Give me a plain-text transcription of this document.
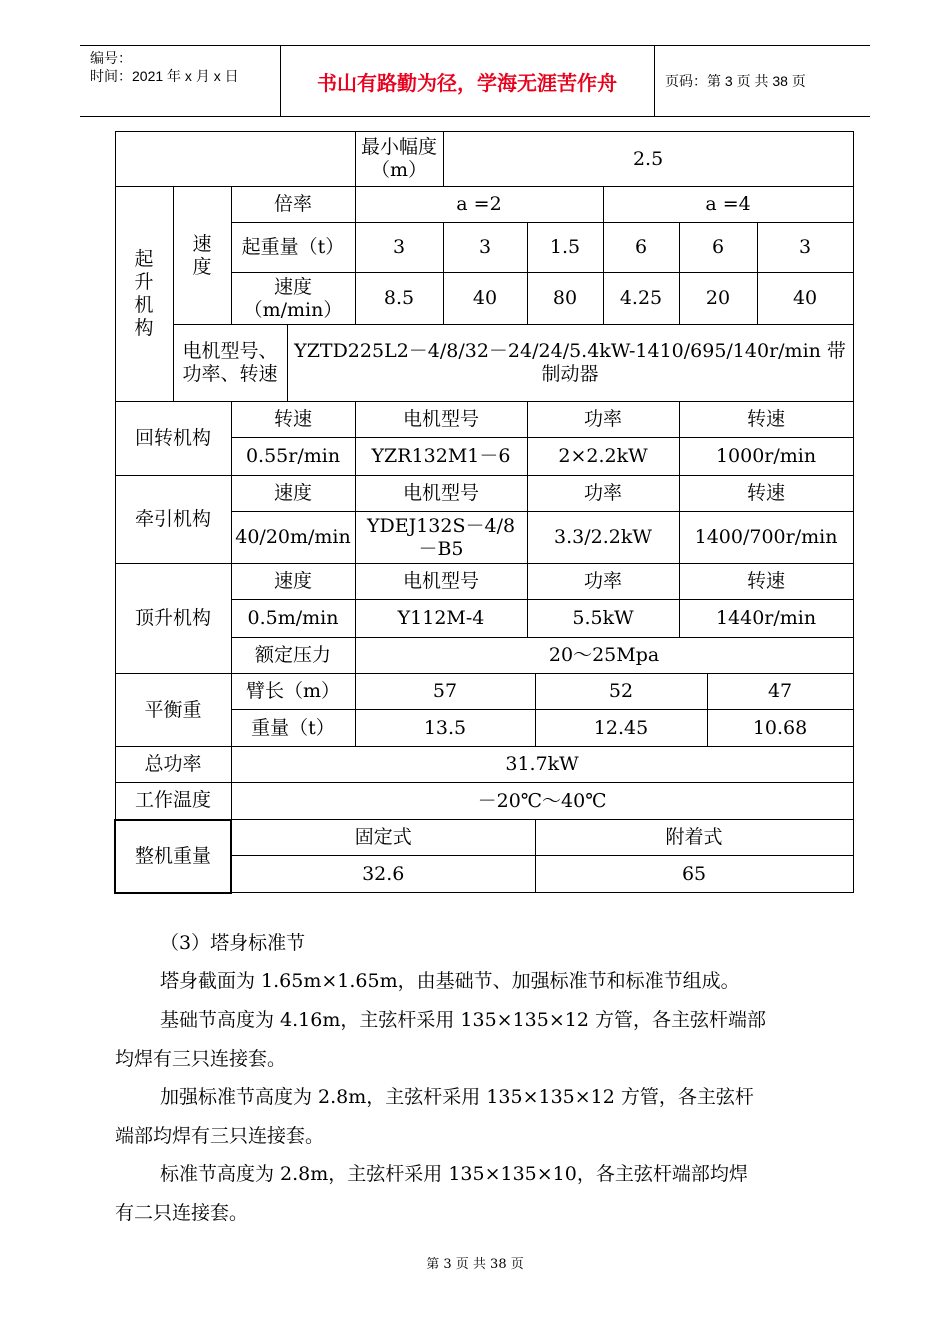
编号：
时间：2021 年 x 月 x 日	书山有路勤为径，学海无涯苦作舟	页码：第 3 页 共 38 页
				最小幅度（m）	2.5						
起升机构	速度	倍率		a =2				a =4			
		起重量（t）		3	3	1.5		6	6		3
		速度（m/min）		8.5	40	80		4.25	20		40
	电机型号、功率、转速		YZTD225L2－4/8/32－24/24/5.4kW-1410/695/140r/min 带制动器								
回转机构		转速		电机型号		功率			转速		
		0.55r/min		YZR132M1－6		2×2.2kW			1000r/min		
牵引机构		速度		电机型号		功率			转速		
		40/20m/min		YDEJ132S－4/8－B5		3.3/2.2kW			1400/700r/min		
顶升机构		速度		电机型号		功率			转速		
		0.5m/min		Y112M-4		5.5kW			1440r/min		
		额定压力		20～25Mpa							
平衡重		臂长（m）		57			52			47	
		重量（t）		13.5			12.45			10.68	
总功率		31.7kW									
工作温度		－20℃～40℃									
整机重量		固定式					附着式				
		32.6					65				
（3）塔身标准节
塔身截面为 1.65m×1.65m，由基础节、加强标准节和标准节组成。
基础节高度为 4.16m，主弦杆采用 135×135×12 方管，各主弦杆端部
均焊有三只连接套。
加强标准节高度为 2.8m，主弦杆采用 135×135×12 方管，各主弦杆
端部均焊有三只连接套。
标准节高度为 2.8m，主弦杆采用 135×135×10，各主弦杆端部均焊
有二只连接套。
第 3 页 共 38 页
